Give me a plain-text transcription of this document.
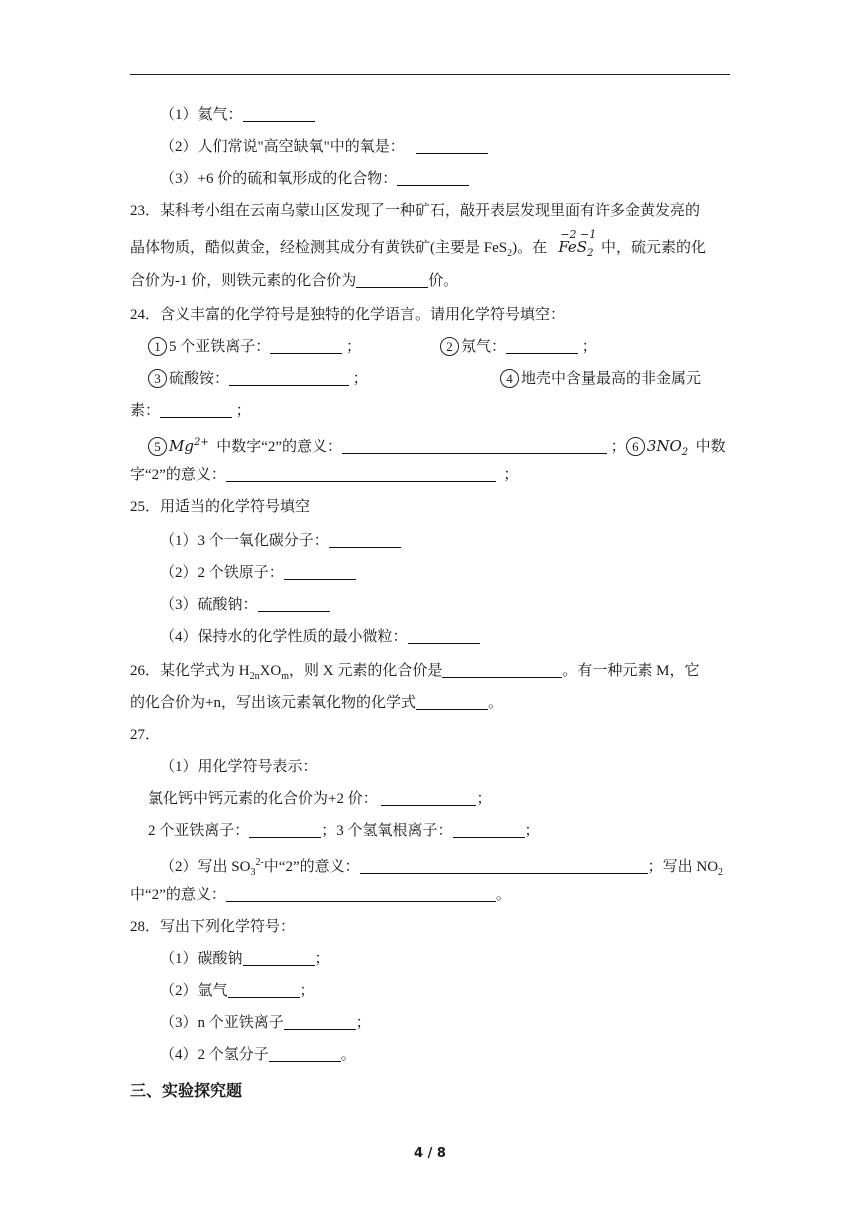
（1）氦气：
（2）人们常说"高空缺氧"中的氧是：
（3）+6 价的硫和氧形成的化合物：
23．某科考小组在云南乌蒙山区发现了一种矿石，敲开表层发现里面有许多金黄发亮的
晶体物质，酷似黄金，经检测其成分有黄铁矿(主要是 FeS$_2$)。在
−2 −1
FeS$_2$ 中，硫元素的化
合价为-1 价，则铁元素的化合价为	价。
24．含义丰富的化学符号是独特的化学语言。请用化学符号填空：
1 5 个亚铁离子：	；	2 氖气：	；
3 硫酸铵：	；	4 地壳中含量最高的非金属元
素：	；
5 $Mg^{2+}$ 中数字“2”的意义：	； 6 $3NO_2$ 中数
字“2”的意义：	；
25．用适当的化学符号填空
（1）3 个一氧化碳分子：
（2）2 个铁原子：
（3）硫酸钠：
（4）保持水的化学性质的最小微粒：
26．某化学式为 $H_{2n}XO_m$，则 X 元素的化合价是	。有一种元素 M，它
的化合价为+n，写出该元素氧化物的化学式	。
27．
（1）用化学符号表示：
氯化钙中钙元素的化合价为+2 价：	；
2 个亚铁离子：	；3 个氢氧根离子：	；
（2）写出 $SO_3^{2-}$中“2”的意义：	；写出 $NO_2$
中“2”的意义：	。
28．写出下列化学符号：
（1）碳酸钠	；
（2）氩气	；
（3）n 个亚铁离子	；
（4）2 个氢分子	。
三、实验探究题
4 / 8
